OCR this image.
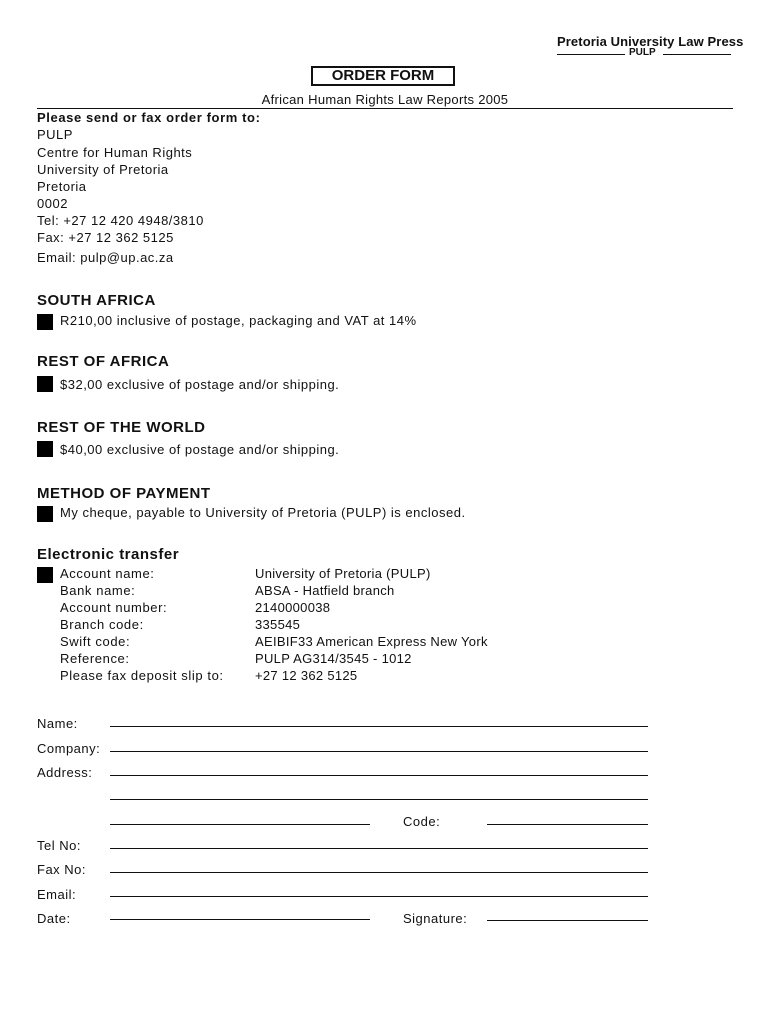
Pretoria University Law Press
PULP
ORDER FORM
African Human Rights Law Reports 2005
Please send or fax order form to:
PULP
Centre for Human Rights
University of Pretoria
Pretoria
0002
Tel: +27 12 420 4948/3810
Fax: +27 12 362 5125
Email: pulp@up.ac.za
SOUTH AFRICA
R210,00 inclusive of postage, packaging and VAT at 14%
REST OF AFRICA
$32,00 exclusive of postage and/or shipping.
REST OF THE WORLD
$40,00 exclusive of postage and/or shipping.
METHOD OF PAYMENT
My cheque, payable to University of Pretoria (PULP) is enclosed.
Electronic transfer
Account name:	University of Pretoria (PULP)
Bank name:	ABSA - Hatfield branch
Account number:	2140000038
Branch code:	335545
Swift code:	AEIBIF33 American Express New York
Reference:	PULP AG314/3545 - 1012
Please fax deposit slip to: +27 12 362 5125
Name:
Company:
Address:
Code:
Tel No:
Fax No:
Email:
Date:	Signature:
